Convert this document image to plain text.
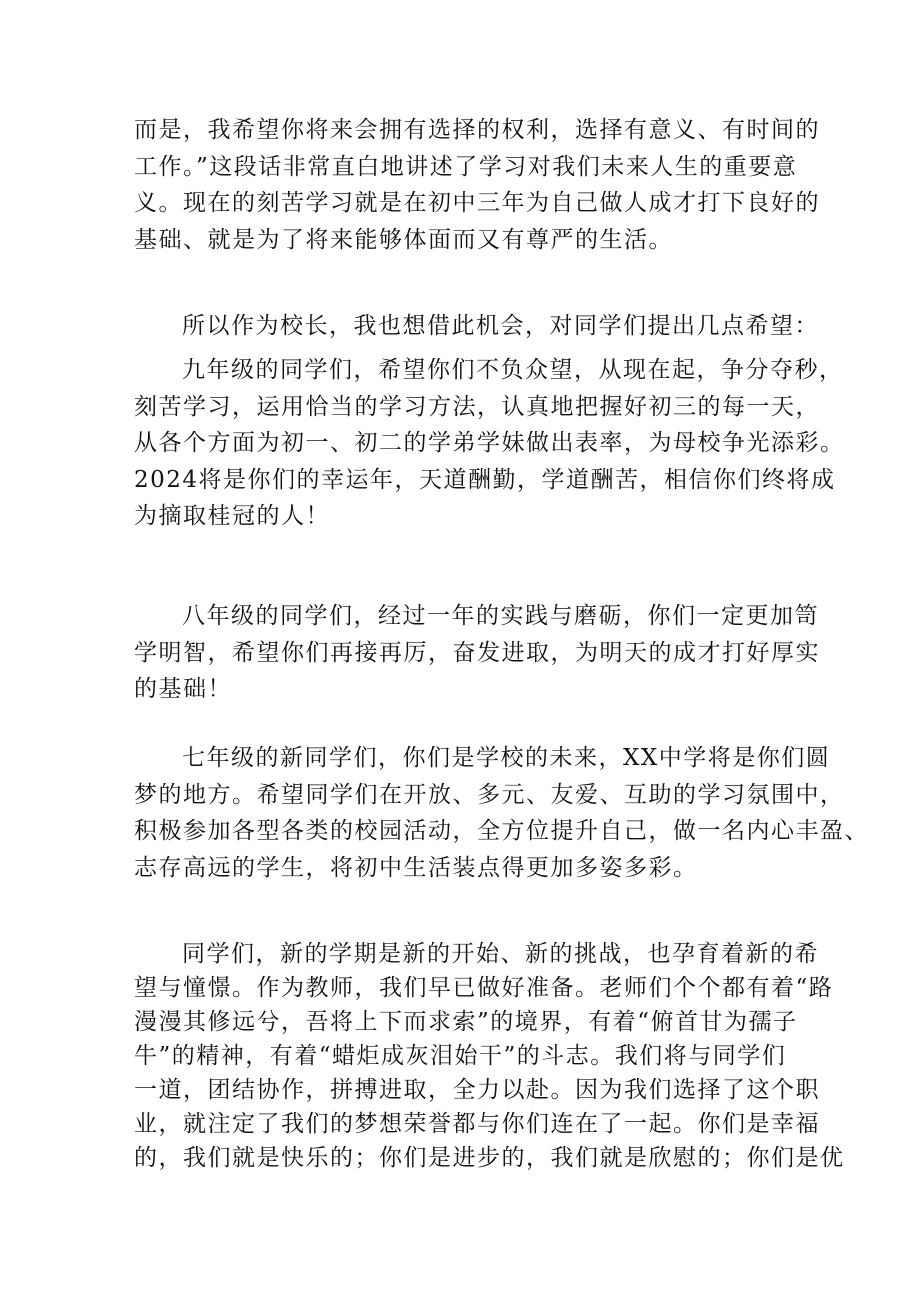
而是，我希望你将来会拥有选择的权利，选择有意义、有时间的
工作。”这段话非常直白地讲述了学习对我们未来人生的重要意
义。现在的刻苦学习就是在初中三年为自己做人成才打下良好的
基础、就是为了将来能够体面而又有尊严的生活。
所以作为校长，我也想借此机会，对同学们提出几点希望：
九年级的同学们，希望你们不负众望，从现在起，争分夺秒，
刻苦学习，运用恰当的学习方法，认真地把握好初三的每一天，
从各个方面为初一、初二的学弟学妹做出表率，为母校争光添彩。
2024将是你们的幸运年，天道酬勤，学道酬苦，相信你们终将成
为摘取桂冠的人！
八年级的同学们，经过一年的实践与磨砺，你们一定更加笥
学明智，希望你们再接再厉，奋发进取，为明天的成才打好厚实
的基础！
七年级的新同学们，你们是学校的未来，XX中学将是你们圆
梦的地方。希望同学们在开放、多元、友爱、互助的学习氛围中，
积极参加各型各类的校园活动，全方位提升自己，做一名内心丰盈、
志存高远的学生，将初中生活装点得更加多姿多彩。
同学们，新的学期是新的开始、新的挑战，也孕育着新的希
望与憧憬。作为教师，我们早已做好准备。老师们个个都有着“路
漫漫其修远兮，吾将上下而求索”的境界，有着“俯首甘为孺子
牛”的精神，有着“蜡炬成灰泪始干”的斗志。我们将与同学们
一道，团结协作，拼搏进取，全力以赴。因为我们选择了这个职
业，就注定了我们的梦想荣誉都与你们连在了一起。你们是幸福
的，我们就是快乐的；你们是进步的，我们就是欣慰的；你们是优
